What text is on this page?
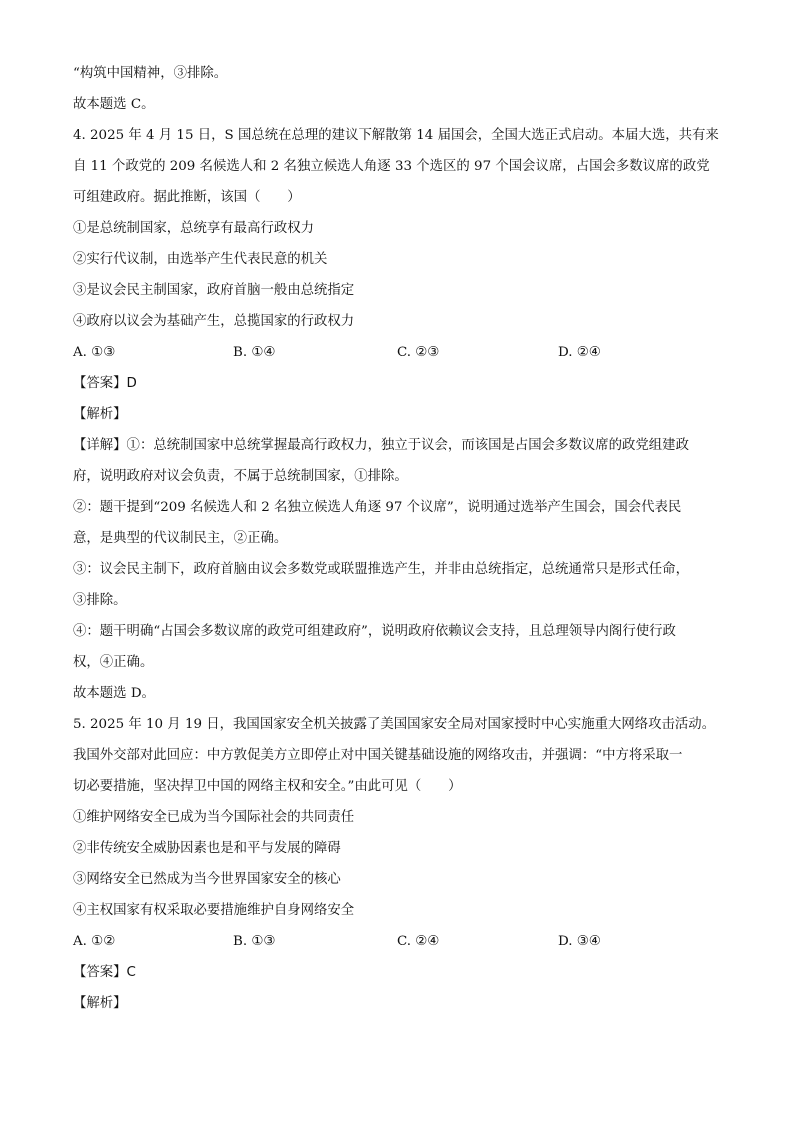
“构筑中国精神，③排除。
故本题选 C。
4. 2025 年 4 月 15 日，S 国总统在总理的建议下解散第 14 届国会，全国大选正式启动。本届大选，共有来
自 11 个政党的 209 名候选人和 2 名独立候选人角逐 33 个选区的 97 个国会议席，占国会多数议席的政党
可组建政府。据此推断，该国（　　）
①是总统制国家，总统享有最高行政权力
②实行代议制，由选举产生代表民意的机关
③是议会民主制国家，政府首脑一般由总统指定
④政府以议会为基础产生，总揽国家的行政权力
A. ①③	B. ①④	C. ②③	D. ②④
【答案】D
【解析】
【详解】①：总统制国家中总统掌握最高行政权力，独立于议会，而该国是占国会多数议席的政党组建政
府，说明政府对议会负责，不属于总统制国家，①排除。
②：题干提到“209 名候选人和 2 名独立候选人角逐 97 个议席”，说明通过选举产生国会，国会代表民
意，是典型的代议制民主，②正确。
③：议会民主制下，政府首脑由议会多数党或联盟推选产生，并非由总统指定，总统通常只是形式任命，
③排除。
④：题干明确“占国会多数议席的政党可组建政府”，说明政府依赖议会支持，且总理领导内阁行使行政
权，④正确。
故本题选 D。
5. 2025 年 10 月 19 日，我国国家安全机关披露了美国国家安全局对国家授时中心实施重大网络攻击活动。
我国外交部对此回应：中方敦促美方立即停止对中国关键基础设施的网络攻击，并强调：“中方将采取一
切必要措施，坚决捍卫中国的网络主权和安全。”由此可见（　　）
①维护网络安全已成为当今国际社会的共同责任
②非传统安全威胁因素也是和平与发展的障碍
③网络安全已然成为当今世界国家安全的核心
④主权国家有权采取必要措施维护自身网络安全
A. ①②	B. ①③	C. ②④	D. ③④
【答案】C
【解析】
